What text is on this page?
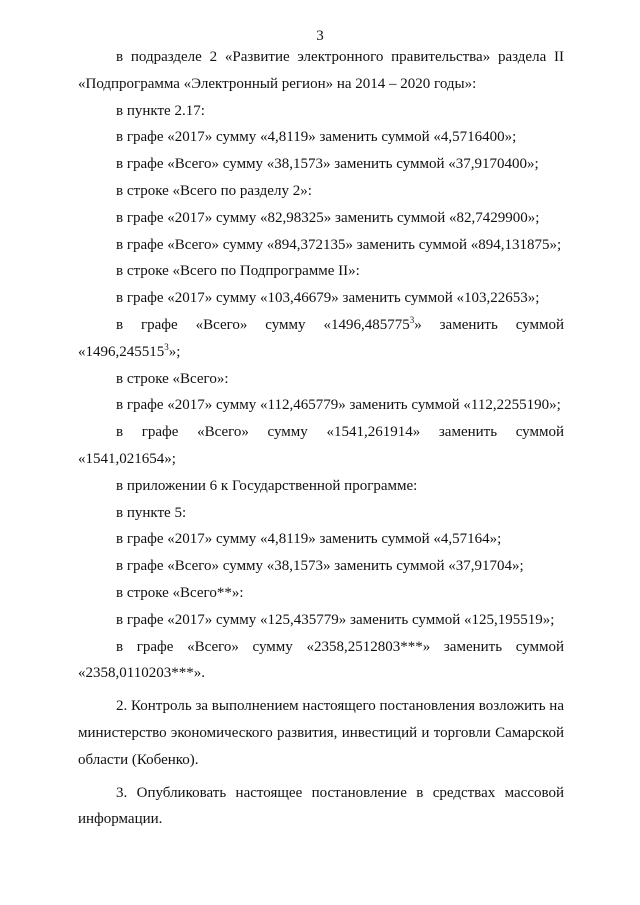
3

в подразделе 2 «Развитие электронного правительства» раздела II

«Подпрограмма «Электронный регион» на 2014 – 2020 годы»:

в пункте 2.17:

в графе «2017» сумму «4,8119» заменить суммой «4,5716400»;

в графе «Всего» сумму «38,1573» заменить суммой «37,9170400»;

в строке «Всего по разделу 2»:

в графе «2017» сумму «82,98325» заменить суммой «82,7429900»;

в графе «Всего» сумму «894,372135» заменить суммой «894,131875»;

в строке «Всего по Подпрограмме II»:

в графе «2017» сумму «103,46679» заменить суммой «103,22653»;

в графе «Всего» сумму «1496,485775$^3$» заменить суммой

«1496,245515$^3$»;

в строке «Всего»:

в графе «2017» сумму «112,465779» заменить суммой «112,2255190»;

в графе «Всего» сумму «1541,261914» заменить суммой

«1541,021654»;

в приложении 6 к Государственной программе:

в пункте 5:

в графе «2017» сумму «4,8119» заменить суммой «4,57164»;

в графе «Всего» сумму «38,1573» заменить суммой «37,91704»;

в строке «Всего**»:

в графе «2017» сумму «125,435779» заменить суммой «125,195519»;

в графе «Всего» сумму «2358,2512803***» заменить суммой

«2358,0110203***».

2. Контроль за выполнением настоящего постановления возложить на министерство экономического развития, инвестиций и торговли Самарской области (Кобенко).

3. Опубликовать настоящее постановление в средствах массовой информации.
